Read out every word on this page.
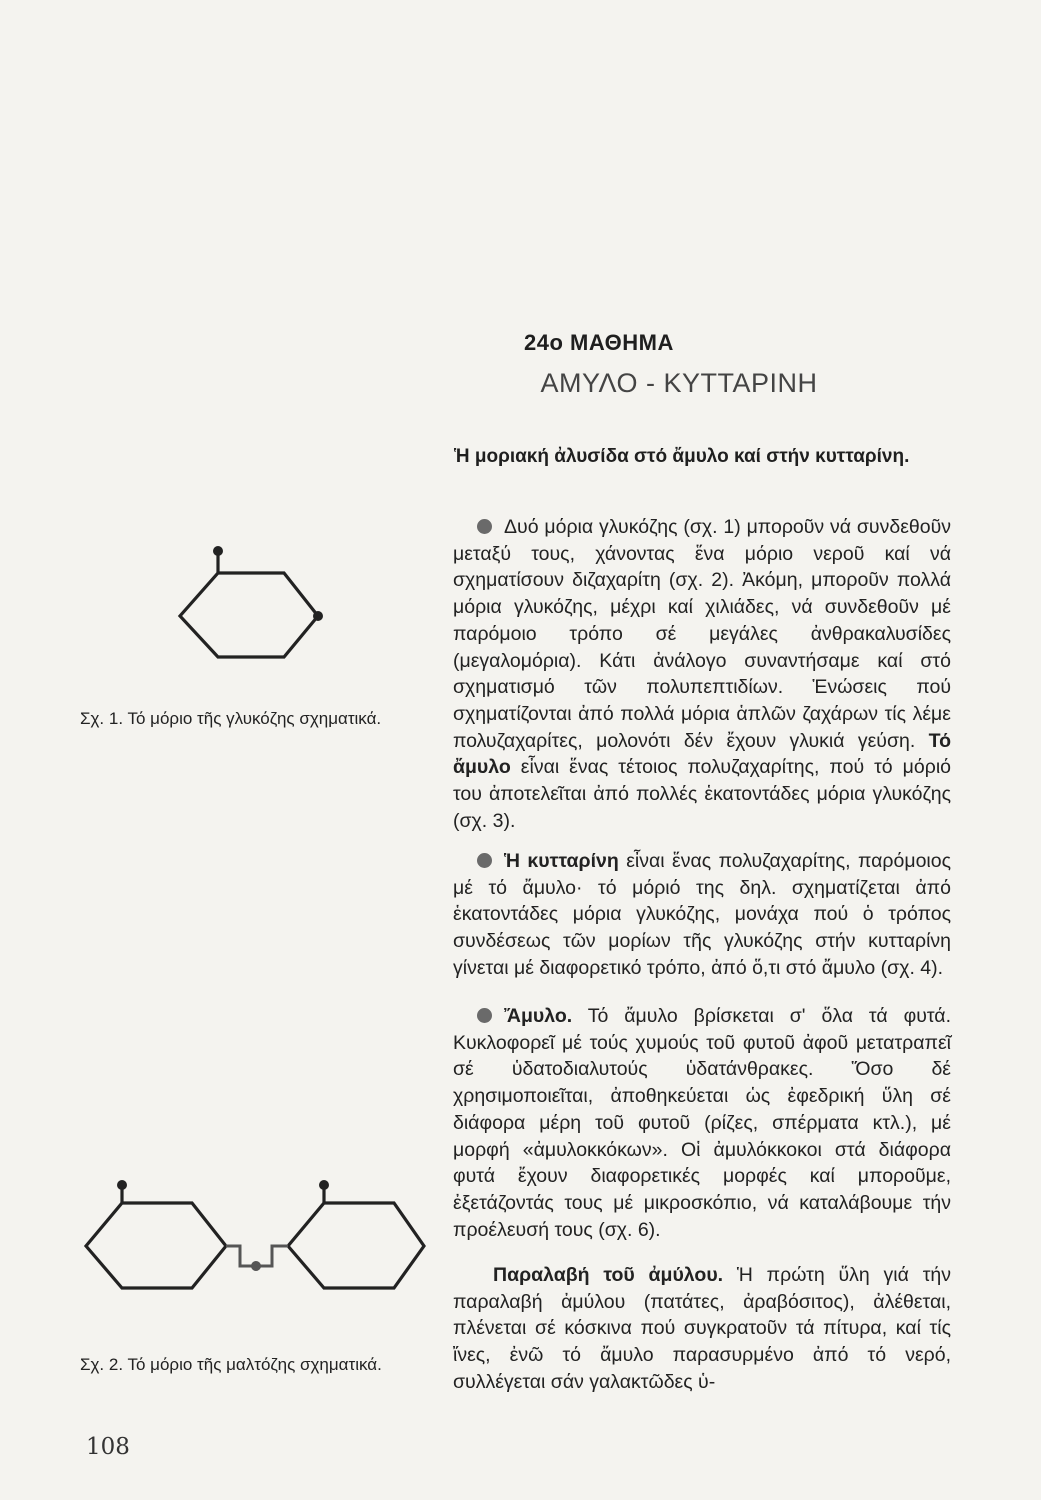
24ο ΜΑΘΗΜΑ
ΑΜΥΛΟ - ΚΥΤΤΑΡΙΝΗ
Ἡ μοριακή ἀλυσίδα στό ἄμυλο καί στήν κυτταρίνη.
Σχ. 1. Τό μόριο τῆς γλυκόζης σχηματικά.
Σχ. 2. Τό μόριο τῆς μαλτόζης σχηματικά.

Δυό μόρια γλυκόζης (σχ. 1) μποροῦν νά συνδεθοῦν μεταξύ τους, χάνοντας ἕνα μόριο νεροῦ καί νά σχηματίσουν διζαχαρίτη (σχ. 2). Ἀκόμη, μποροῦν πολλά μόρια γλυκόζης, μέχρι καί χιλιάδες, νά συνδεθοῦν μέ παρόμοιο τρόπο σέ μεγάλες ἀνθρακαλυσίδες (μεγαλομόρια). Κάτι ἀνάλογο συναντήσαμε καί στό σχηματισμό τῶν πολυπεπτιδίων. Ἑνώσεις πού σχηματίζονται ἀπό πολλά μόρια ἁπλῶν ζαχάρων τίς λέμε πολυζαχαρίτες, μολονότι δέν ἔχουν γλυκιά γεύση. Τό ἄμυλο εἶναι ἕνας τέτοιος πολυζαχαρίτης, πού τό μόριό του ἀποτελεῖται ἀπό πολλές ἑκατοντάδες μόρια γλυκόζης (σχ. 3).

Ἡ κυτταρίνη εἶναι ἕνας πολυζαχαρίτης, παρόμοιος μέ τό ἄμυλο· τό μόριό της δηλ. σχηματίζεται ἀπό ἑκατοντάδες μόρια γλυκόζης, μονάχα πού ὁ τρόπος συνδέσεως τῶν μορίων τῆς γλυκόζης στήν κυτταρίνη γίνεται μέ διαφορετικό τρόπο, ἀπό ὅ,τι στό ἄμυλο (σχ. 4).

Ἄμυλο. Τό ἄμυλο βρίσκεται σ' ὅλα τά φυτά. Κυκλοφορεῖ μέ τούς χυμούς τοῦ φυτοῦ ἀφοῦ μετατραπεῖ σέ ὑδατοδιαλυτούς ὑδατάνθρακες. Ὅσο δέ χρησιμοποιεῖται, ἀποθηκεύεται ὡς ἐφεδρική ὕλη σέ διάφορα μέρη τοῦ φυτοῦ (ρίζες, σπέρματα κτλ.), μέ μορφή «ἀμυλοκκόκων». Οἱ ἀμυλόκκοκοι στά διάφορα φυτά ἔχουν διαφορετικές μορφές καί μποροῦμε, ἐξετάζοντάς τους μέ μικροσκόπιο, νά καταλάβουμε τήν προέλευσή τους (σχ. 6).

Παραλαβή τοῦ ἀμύλου. Ἡ πρώτη ὕλη γιά τήν παραλαβή ἀμύλου (πατάτες, ἀραβόσιτος), ἀλέθεται, πλένεται σέ κόσκινα πού συγκρατοῦν τά πίτυρα, καί τίς ἴνες, ἐνῶ τό ἄμυλο παρασυρμένο ἀπό τό νερό, συλλέγεται σάν γαλακτῶδες ὑ-

108
